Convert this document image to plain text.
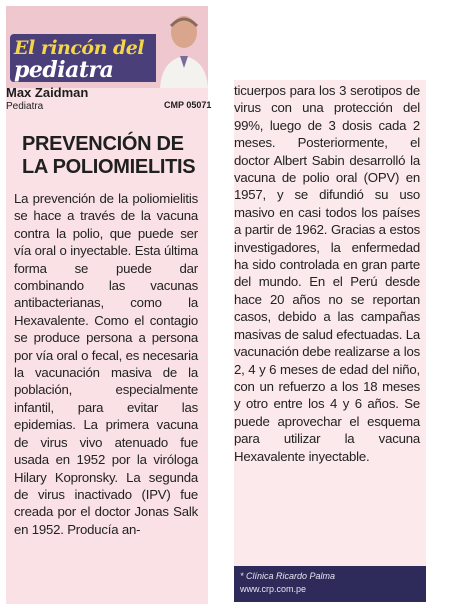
El rincón del
pediatra
Max Zaidman
Pediatra	CMP 05071
PREVENCIÓN DE LA POLIOMIELITIS
La prevención de la poliomielitis se hace a través de la vacuna contra la polio, que puede ser vía oral o inyectable. Esta última forma se puede dar combinando las vacunas antibacterianas, como la Hexavalente. Como el contagio se produce persona a persona por vía oral o fecal, es necesaria la vacunación masiva de la población, especialmente infantil, para evitar las epidemias. La primera vacuna de virus vivo atenuado fue usada en 1952 por la viróloga Hilary Kopronsky. La segunda de virus inactivado (IPV) fue creada por el doctor Jonas Salk en 1952. Producía an-
ticuerpos para los 3 serotipos de virus con una protección del 99%, luego de 3 dosis cada 2 meses. Posteriormente, el doctor Albert Sabin desarrolló la vacuna de polio oral (OPV) en 1957, y se difundió su uso masivo en casi todos los países a partir de 1962. Gracias a estos investigadores, la enfermedad ha sido controlada en gran parte del mundo. En el Perú desde hace 20 años no se reportan casos, debido a las campañas masivas de salud efectuadas. La vacunación debe realizarse a los 2, 4 y 6 meses de edad del niño, con un refuerzo a los 18 meses y otro entre los 4 y 6 años. Se puede aprovechar el esquema para utilizar la vacuna Hexavalente inyectable.
* Clínica Ricardo Palma
www.crp.com.pe
